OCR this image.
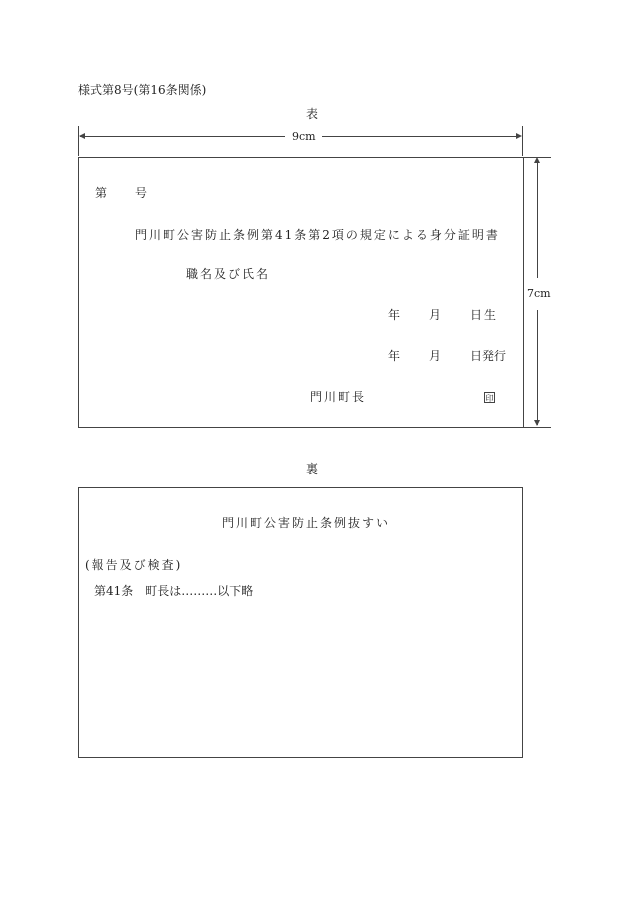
様式第8号(第16条関係)
表
9cm
7cm
第 号
門川町公害防止条例第41条第2項の規定による身分証明書
職名及び氏名
年 月 日生
年 月 日発行
門川町長	印
裏
門川町公害防止条例抜すい
(報告及び検査)
第41条　町長は………以下略
